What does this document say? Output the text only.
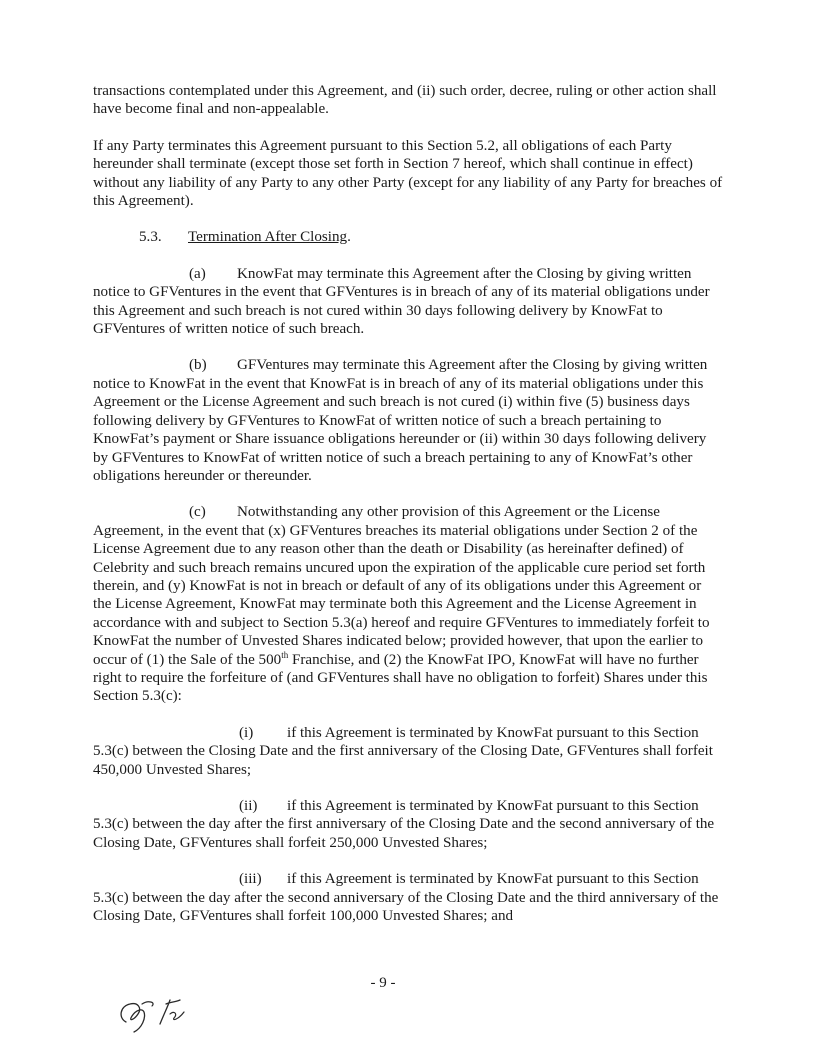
transactions contemplated under this Agreement, and (ii) such order, decree, ruling or other action shall have become final and non-appealable.

If any Party terminates this Agreement pursuant to this Section 5.2, all obligations of each Party hereunder shall terminate (except those set forth in Section 7 hereof, which shall continue in effect) without any liability of any Party to any other Party (except for any liability of any Party for breaches of this Agreement).

5.3. Termination After Closing.

(a) KnowFat may terminate this Agreement after the Closing by giving written notice to GFVentures in the event that GFVentures is in breach of any of its material obligations under this Agreement and such breach is not cured within 30 days following delivery by KnowFat to GFVentures of written notice of such breach.

(b) GFVentures may terminate this Agreement after the Closing by giving written notice to KnowFat in the event that KnowFat is in breach of any of its material obligations under this Agreement or the License Agreement and such breach is not cured (i) within five (5) business days following delivery by GFVentures to KnowFat of written notice of such a breach pertaining to KnowFat’s payment or Share issuance obligations hereunder or (ii) within 30 days following delivery by GFVentures to KnowFat of written notice of such a breach pertaining to any of KnowFat’s other obligations hereunder or thereunder.

(c) Notwithstanding any other provision of this Agreement or the License Agreement, in the event that (x) GFVentures breaches its material obligations under Section 2 of the License Agreement due to any reason other than the death or Disability (as hereinafter defined) of Celebrity and such breach remains uncured upon the expiration of the applicable cure period set forth therein, and (y) KnowFat is not in breach or default of any of its obligations under this Agreement or the License Agreement, KnowFat may terminate both this Agreement and the License Agreement in accordance with and subject to Section 5.3(a) hereof and require GFVentures to immediately forfeit to KnowFat the number of Unvested Shares indicated below; provided however, that upon the earlier to occur of (1) the Sale of the 500th Franchise, and (2) the KnowFat IPO, KnowFat will have no further right to require the forfeiture of (and GFVentures shall have no obligation to forfeit) Shares under this Section 5.3(c):

(i) if this Agreement is terminated by KnowFat pursuant to this Section 5.3(c) between the Closing Date and the first anniversary of the Closing Date, GFVentures shall forfeit 450,000 Unvested Shares;

(ii) if this Agreement is terminated by KnowFat pursuant to this Section 5.3(c) between the day after the first anniversary of the Closing Date and the second anniversary of the Closing Date, GFVentures shall forfeit 250,000 Unvested Shares;

(iii) if this Agreement is terminated by KnowFat pursuant to this Section 5.3(c) between the day after the second anniversary of the Closing Date and the third anniversary of the Closing Date, GFVentures shall forfeit 100,000 Unvested Shares; and

- 9 -
